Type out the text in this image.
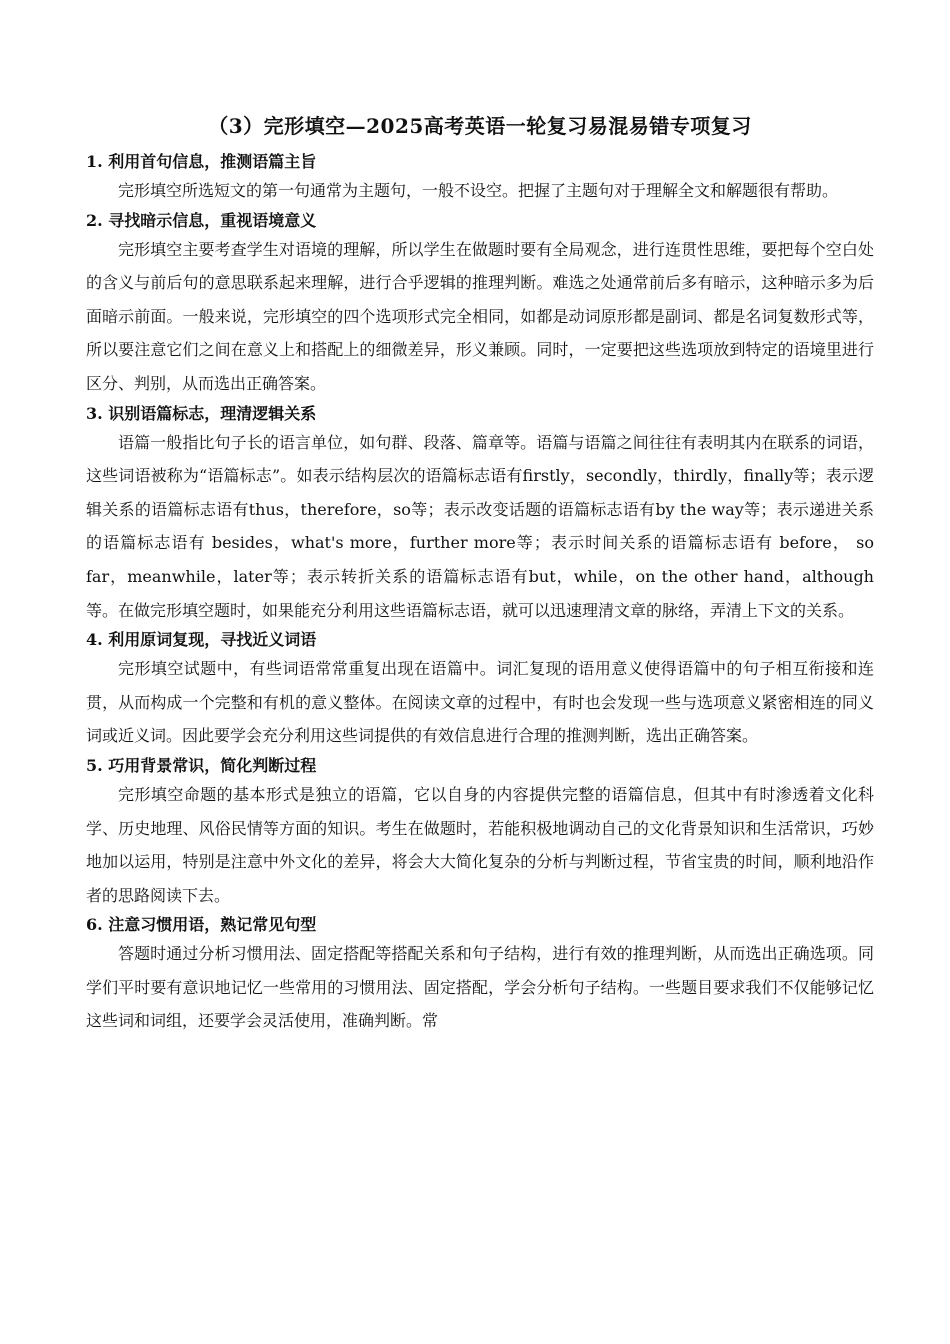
（3）完形填空—2025高考英语一轮复习易混易错专项复习

1. 利用首句信息，推测语篇主旨

完形填空所选短文的第一句通常为主题句，一般不设空。把握了主题句对于理解全文和解题很有帮助。

2. 寻找暗示信息，重视语境意义

完形填空主要考查学生对语境的理解，所以学生在做题时要有全局观念，进行连贯性思维，要把每个空白处的含义与前后句的意思联系起来理解，进行合乎逻辑的推理判断。难选之处通常前后多有暗示，这种暗示多为后面暗示前面。一般来说，完形填空的四个选项形式完全相同，如都是动词原形都是副词、都是名词复数形式等，所以要注意它们之间在意义上和搭配上的细微差异，形义兼顾。同时，一定要把这些选项放到特定的语境里进行区分、判别，从而选出正确答案。

3. 识别语篇标志，理清逻辑关系

语篇一般指比句子长的语言单位，如句群、段落、篇章等。语篇与语篇之间往往有表明其内在联系的词语，这些词语被称为“语篇标志”。如表示结构层次的语篇标志语有firstly，secondly，thirdly，finally等；表示逻辑关系的语篇标志语有thus，therefore，so等；表示改变话题的语篇标志语有by the way等；表示递进关系的语篇标志语有 besides，what's more，further more等；表示时间关系的语篇标志语有 before， so far，meanwhile，later等；表示转折关系的语篇标志语有but，while，on the other hand，although等。在做完形填空题时，如果能充分利用这些语篇标志语，就可以迅速理清文章的脉络，弄清上下文的关系。

4. 利用原词复现，寻找近义词语

完形填空试题中，有些词语常常重复出现在语篇中。词汇复现的语用意义使得语篇中的句子相互衔接和连贯，从而构成一个完整和有机的意义整体。在阅读文章的过程中，有时也会发现一些与选项意义紧密相连的同义词或近义词。因此要学会充分利用这些词提供的有效信息进行合理的推测判断，选出正确答案。

5. 巧用背景常识，简化判断过程

完形填空命题的基本形式是独立的语篇，它以自身的内容提供完整的语篇信息，但其中有时渗透着文化科学、历史地理、风俗民情等方面的知识。考生在做题时，若能积极地调动自己的文化背景知识和生活常识，巧妙地加以运用，特别是注意中外文化的差异，将会大大简化复杂的分析与判断过程，节省宝贵的时间，顺利地沿作者的思路阅读下去。

6. 注意习惯用语，熟记常见句型

答题时通过分析习惯用法、固定搭配等搭配关系和句子结构，进行有效的推理判断，从而选出正确选项。同学们平时要有意识地记忆一些常用的习惯用法、固定搭配，学会分析句子结构。一些题目要求我们不仅能够记忆这些词和词组，还要学会灵活使用，准确判断。常
